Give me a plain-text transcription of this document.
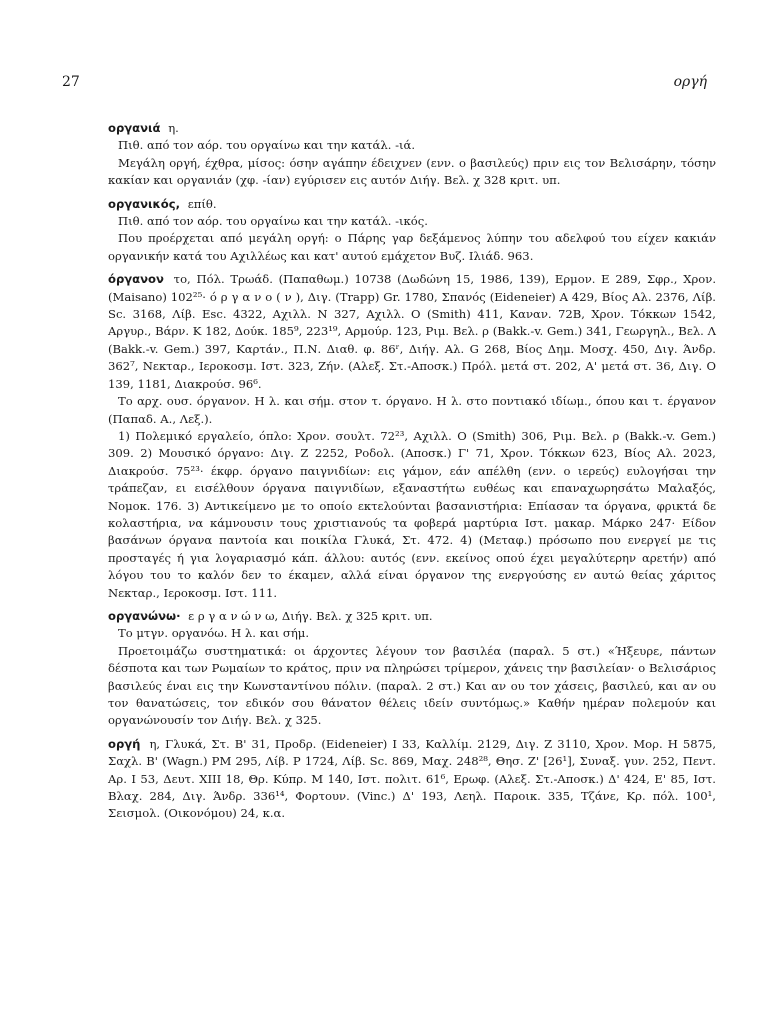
27	οργή

οργανιά η.

Πιθ. από τον αόρ. του οργαίνω και την κατάλ. -ιά.

Μεγάλη οργή, έχθρα, μίσος: όσην αγάπην έδειχνεν (ενν. ο βασιλεύς) πριν εις τον Βελισάρην, τόσην κακίαν και οργανιάν (χφ. -ίαν) εγύρισεν εις αυτόν Διήγ. Βελ. χ 328 κριτ. υπ.

οργανικός, επίθ.

Πιθ. από τον αόρ. του οργαίνω και την κατάλ. -ικός.

Που προέρχεται από μεγάλη οργή: ο Πάρης γαρ δεξάμενος λύπην του αδελφού του είχεν κακιάν οργανικήν κατά του Αχιλλέως και κατ' αυτού εμάχετον Βυζ. Ιλιάδ. 963.

όργανον το, Πόλ. Τρωάδ. (Παπαθωμ.) 10738 (Δωδώνη 15, 1986, 139), Ερμον. Ε 289, Σφρ., Χρον. (Maisano) 102²⁵· ό ρ γ α ν ο ( ν ), Διγ. (Trapp) Gr. 1780, Σπανός (Eideneier) Α 429, Βίος Αλ. 2376, Λίβ. Sc. 3168, Λίβ. Esc. 4322, Αχιλλ. Ν 327, Αχιλλ. Ο (Smith) 411, Καναν. 72Β, Χρον. Τόκκων 1542, Αργυρ., Βάρν. Κ 182, Δούκ. 185⁹, 223¹⁹, Αρμούρ. 123, Ριμ. Βελ. ρ (Bakk.-v. Gem.) 341, Γεωργηλ., Βελ. Λ (Bakk.-v. Gem.) 397, Καρτάν., Π.Ν. Διαθ. φ. 86ʳ, Διήγ. Αλ. G 268, Βίος Δημ. Μοσχ. 450, Διγ. Άνδρ. 362⁷, Νεκταρ., Ιεροκοσμ. Ιστ. 323, Ζήν. (Αλεξ. Στ.-Αποσκ.) Πρόλ. μετά στ. 202, Α' μετά στ. 36, Διγ. Ο 139, 1181, Διακρούσ. 96⁶.

Το αρχ. ουσ. όργανον. Η λ. και σήμ. στον τ. όργανο. Η λ. στο ποντιακό ιδίωμ., όπου και τ. έργανον (Παπαδ. Α., Λεξ.).

1) Πολεμικό εργαλείο, όπλο: Χρον. σουλτ. 72²³, Αχιλλ. Ο (Smith) 306, Ριμ. Βελ. ρ (Bakk.-v. Gem.) 309. 2) Μουσικό όργανο: Διγ. Ζ 2252, Ροδολ. (Αποσκ.) Γ' 71, Χρον. Τόκκων 623, Βίος Αλ. 2023, Διακρούσ. 75²³· έκφρ. όργανο παιγνιδίων: εις γάμον, εάν απέλθη (ενν. ο ιερεύς) ευλογήσαι την τράπεζαν, ει εισέλθουν όργανα παιγνιδίων, εξαναστήτω ευθέως και επαναχωρησάτω Μαλαξός, Νομοκ. 176. 3) Αντικείμενο με το οποίο εκτελούνται βασανιστήρια: Επίασαν τα όργανα, φρικτά δε κολαστήρια, να κάμνουσιν τους χριστιανούς τα φοβερά μαρτύρια Ιστ. μακαρ. Μάρκο 247· Είδον βασάνων όργανα παντοία και ποικίλα Γλυκά, Στ. 472. 4) (Μεταφ.) πρόσωπο που ενεργεί με τις προσταγές ή για λογαριασμό κάπ. άλλου: αυτός (ενν. εκείνος οπού έχει μεγαλύτερην αρετήν) από λόγου του το καλόν δεν το έκαμεν, αλλά είναι όργανον της ενεργούσης εν αυτώ θείας χάριτος Νεκταρ., Ιεροκοσμ. Ιστ. 111.

οργανώνω· ε ρ γ α ν ώ ν ω, Διήγ. Βελ. χ 325 κριτ. υπ.

Το μτγν. οργανόω. Η λ. και σήμ.

Προετοιμάζω συστηματικά: οι άρχοντες λέγουν τον βασιλέα (παραλ. 5 στ.) «Ήξευρε, πάντων δέσποτα και των Ρωμαίων το κράτος, πριν να πληρώσει τρίμερον, χάνεις την βασιλείαν· ο Βελισάριος βασιλεύς έναι εις την Κωνσταντίνου πόλιν. (παραλ. 2 στ.) Και αν ου τον χάσεις, βασιλεύ, και αν ου τον θανατώσεις, τον εδικόν σου θάνατον θέλεις ιδείν συντόμως.» Καθήν ημέραν πολεμούν και οργανώνουσίν τον Διήγ. Βελ. χ 325.

οργή η, Γλυκά, Στ. Β' 31, Προδρ. (Eideneier) Ι 33, Καλλίμ. 2129, Διγ. Ζ 3110, Χρον. Μορ. Η 5875, Σαχλ. Β' (Wagn.) ΡΜ 295, Λίβ. Ρ 1724, Λίβ. Sc. 869, Μαχ. 248²⁸, Θησ. Ζ' [26¹], Συναξ. γυν. 252, Πεντ. Αρ. Ι 53, Δευτ. XIII 18, Θρ. Κύπρ. Μ 140, Ιστ. πολιτ. 61⁶, Ερωφ. (Αλεξ. Στ.-Αποσκ.) Δ' 424, Ε' 85, Ιστ. Βλαχ. 284, Διγ. Άνδρ. 336¹⁴, Φορτουν. (Vinc.) Δ' 193, Λεηλ. Παροικ. 335, Τζάνε, Κρ. πόλ. 100¹, Σεισμολ. (Οικονόμου) 24, κ.α.
